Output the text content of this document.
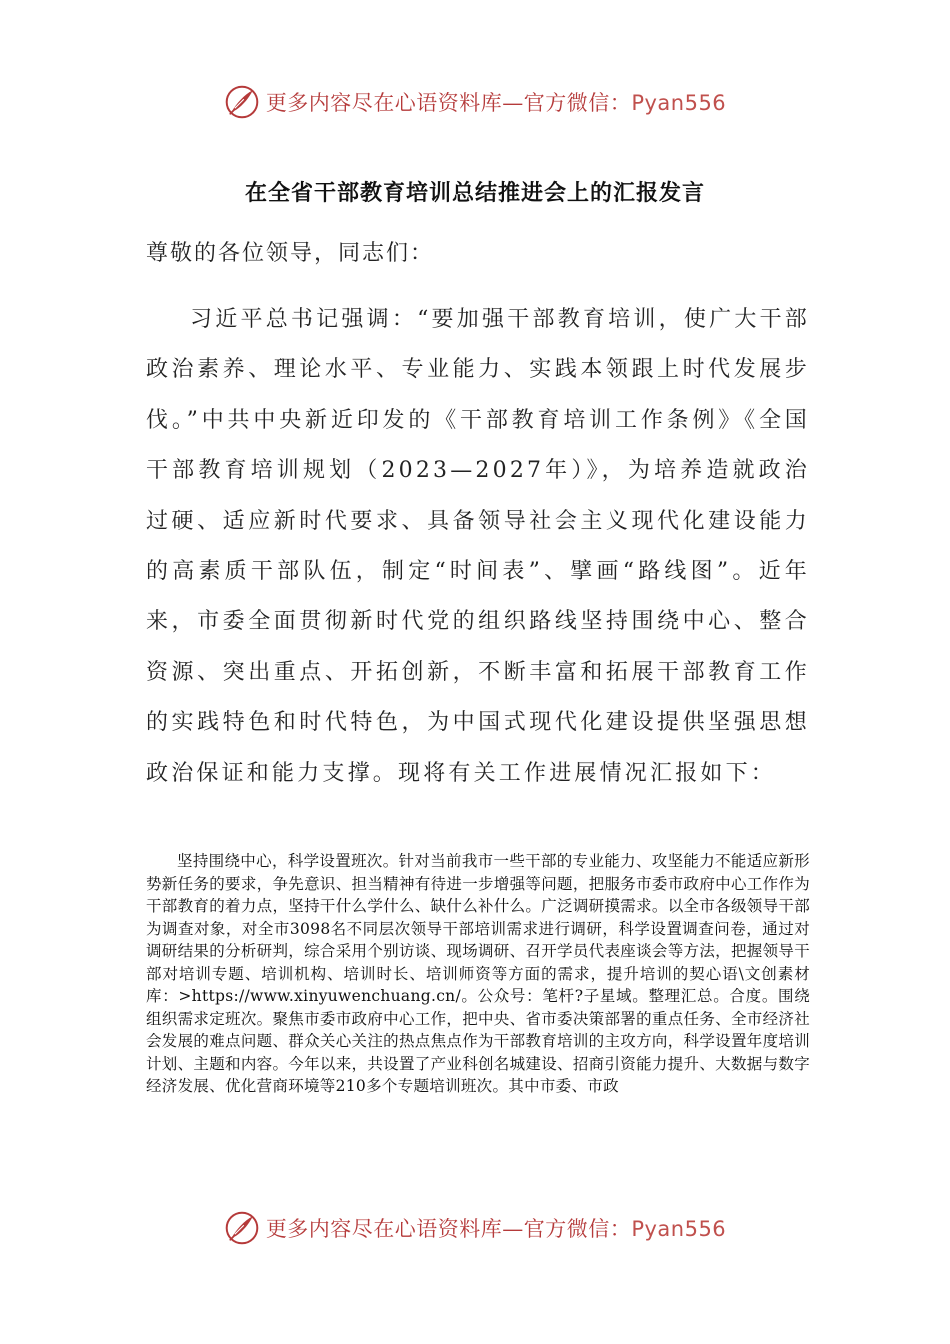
更多内容尽在心语资料库—官方微信：Pyan556
在全省干部教育培训总结推进会上的汇报发言
尊敬的各位领导，同志们：

习近平总书记强调：“要加强干部教育培训，使广大干部政治素养、理论水平、专业能力、实践本领跟上时代发展步伐。”中共中央新近印发的《干部教育培训工作条例》《全国干部教育培训规划（2023—2027年）》，为培养造就政治过硬、适应新时代要求、具备领导社会主义现代化建设能力的高素质干部队伍，制定“时间表”、擘画“路线图”。近年来，市委全面贯彻新时代党的组织路线坚持围绕中心、整合资源、突出重点、开拓创新，不断丰富和拓展干部教育工作的实践特色和时代特色，为中国式现代化建设提供坚强思想政治保证和能力支撑。现将有关工作进展情况汇报如下：

坚持围绕中心，科学设置班次。针对当前我市一些干部的专业能力、攻坚能力不能适应新形势新任务的要求，争先意识、担当精神有待进一步增强等问题，把服务市委市政府中心工作作为干部教育的着力点，坚持干什么学什么、缺什么补什么。广泛调研摸需求。以全市各级领导干部为调查对象，对全市3098名不同层次领导干部培训需求进行调研，科学设置调查问卷，通过对调研结果的分析研判，综合采用个别访谈、现场调研、召开学员代表座谈会等方法，把握领导干部对培训专题、培训机构、培训时长、培训师资等方面的需求，提升培训的契心语\文创素材库：>https://www.xinyuwenchuang.cn/。公众号：笔杆?子星域。整理汇总。合度。围绕组织需求定班次。聚焦市委市政府中心工作，把中央、省市委决策部署的重点任务、全市经济社会发展的难点问题、群众关心关注的热点焦点作为干部教育培训的主攻方向，科学设置年度培训计划、主题和内容。今年以来，共设置了产业科创名城建设、招商引资能力提升、大数据与数字经济发展、优化营商环境等210多个专题培训班次。其中市委、市政

更多内容尽在心语资料库—官方微信：Pyan556
